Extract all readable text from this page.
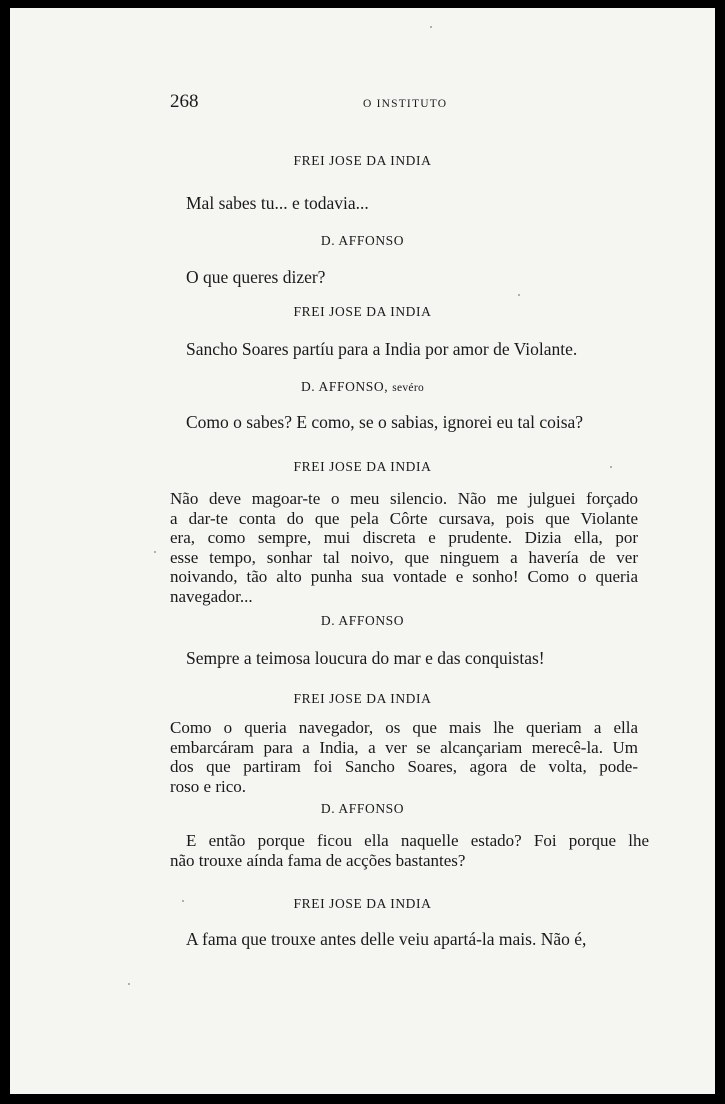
268	O INSTITUTO
FREI JOSE DA INDIA
Mal sabes tu... e todavia...
D. AFFONSO
O que queres dizer?
FREI JOSE DA INDIA
Sancho Soares partíu para a India por amor de Violante.
D. AFFONSO, sevéro
Como o sabes? E como, se o sabias, ignorei eu tal coisa?
FREI JOSE DA INDIA
Não deve magoar-te o meu silencio. Não me julguei forçado
a dar-te conta do que pela Côrte cursava, pois que Violante
era, como sempre, mui discreta e prudente. Dizia ella, por
esse tempo, sonhar tal noivo, que ninguem a havería de ver
noivando, tão alto punha sua vontade e sonho! Como o queria
navegador...
D. AFFONSO
Sempre a teimosa loucura do mar e das conquistas!
FREI JOSE DA INDIA
Como o queria navegador, os que mais lhe queriam a ella
embarcáram para a India, a ver se alcançariam merecê-la. Um
dos que partiram foi Sancho Soares, agora de volta, pode-
roso e rico.
D. AFFONSO
E então porque ficou ella naquelle estado? Foi porque lhe
não trouxe aínda fama de acções bastantes?
FREI JOSE DA INDIA
A fama que trouxe antes delle veiu apartá-la mais. Não é,
